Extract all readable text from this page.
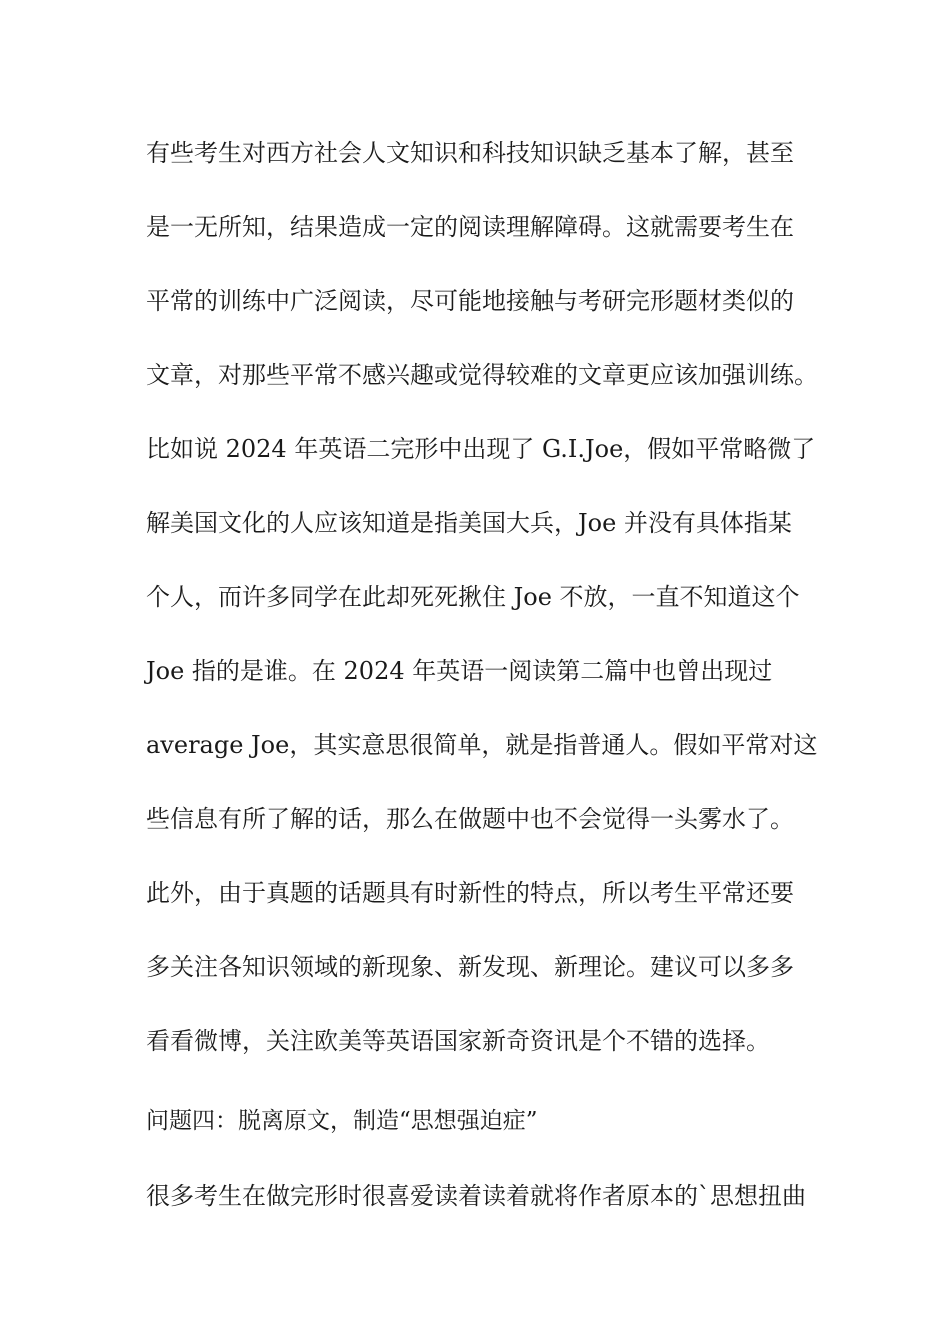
有些考生对西方社会人文知识和科技知识缺乏基本了解，甚至
是一无所知，结果造成一定的阅读理解障碍。这就需要考生在
平常的训练中广泛阅读，尽可能地接触与考研完形题材类似的
文章，对那些平常不感兴趣或觉得较难的文章更应该加强训练。
比如说 2024 年英语二完形中出现了 G.I.Joe，假如平常略微了
解美国文化的人应该知道是指美国大兵，Joe 并没有具体指某
个人，而许多同学在此却死死揪住 Joe 不放，一直不知道这个
Joe 指的是谁。在 2024 年英语一阅读第二篇中也曾出现过
average Joe，其实意思很简单，就是指普通人。假如平常对这
些信息有所了解的话，那么在做题中也不会觉得一头雾水了。
此外，由于真题的话题具有时新性的特点，所以考生平常还要
多关注各知识领域的新现象、新发现、新理论。建议可以多多
看看微博，关注欧美等英语国家新奇资讯是个不错的选择。
问题四：脱离原文，制造“思想强迫症”
很多考生在做完形时很喜爱读着读着就将作者原本的`思想扭曲
